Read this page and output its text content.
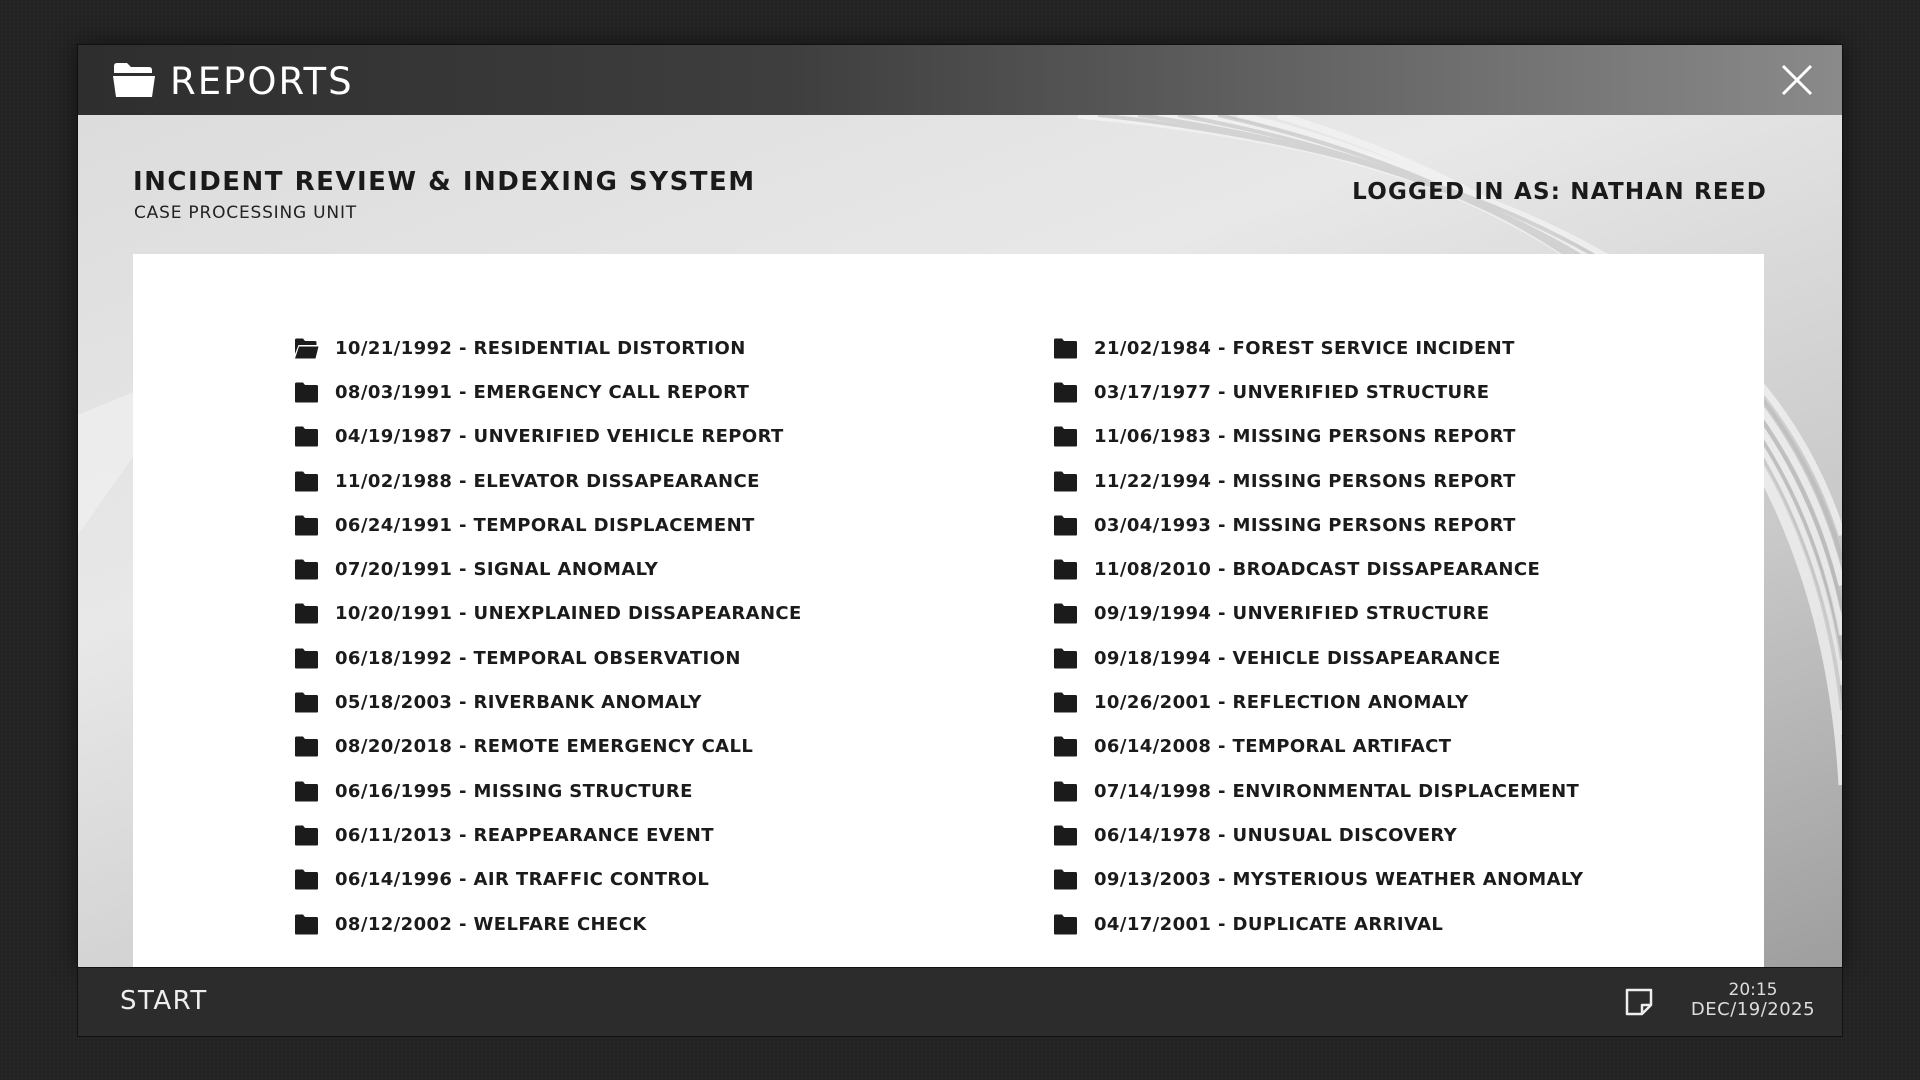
REPORTS
INCIDENT REVIEW & INDEXING SYSTEM
CASE PROCESSING UNIT
LOGGED IN AS: NATHAN REED
10/21/1992 - RESIDENTIAL DISTORTION
08/03/1991 - EMERGENCY CALL REPORT
04/19/1987 - UNVERIFIED VEHICLE REPORT
11/02/1988 - ELEVATOR DISSAPEARANCE
06/24/1991 - TEMPORAL DISPLACEMENT
07/20/1991 - SIGNAL ANOMALY
10/20/1991 - UNEXPLAINED DISSAPEARANCE
06/18/1992 - TEMPORAL OBSERVATION
05/18/2003 - RIVERBANK ANOMALY
08/20/2018 - REMOTE EMERGENCY CALL
06/16/1995 - MISSING STRUCTURE
06/11/2013 - REAPPEARANCE EVENT
06/14/1996 - AIR TRAFFIC CONTROL
08/12/2002 - WELFARE CHECK
21/02/1984 - FOREST SERVICE INCIDENT
03/17/1977 - UNVERIFIED STRUCTURE
11/06/1983 - MISSING PERSONS REPORT
11/22/1994 - MISSING PERSONS REPORT
03/04/1993 - MISSING PERSONS REPORT
11/08/2010 - BROADCAST DISSAPEARANCE
09/19/1994 - UNVERIFIED STRUCTURE
09/18/1994 - VEHICLE DISSAPEARANCE
10/26/2001 - REFLECTION ANOMALY
06/14/2008 - TEMPORAL ARTIFACT
07/14/1998 - ENVIRONMENTAL DISPLACEMENT
06/14/1978 - UNUSUAL DISCOVERY
09/13/2003 - MYSTERIOUS WEATHER ANOMALY
04/17/2001 - DUPLICATE ARRIVAL
START	20:15
DEC/19/2025
